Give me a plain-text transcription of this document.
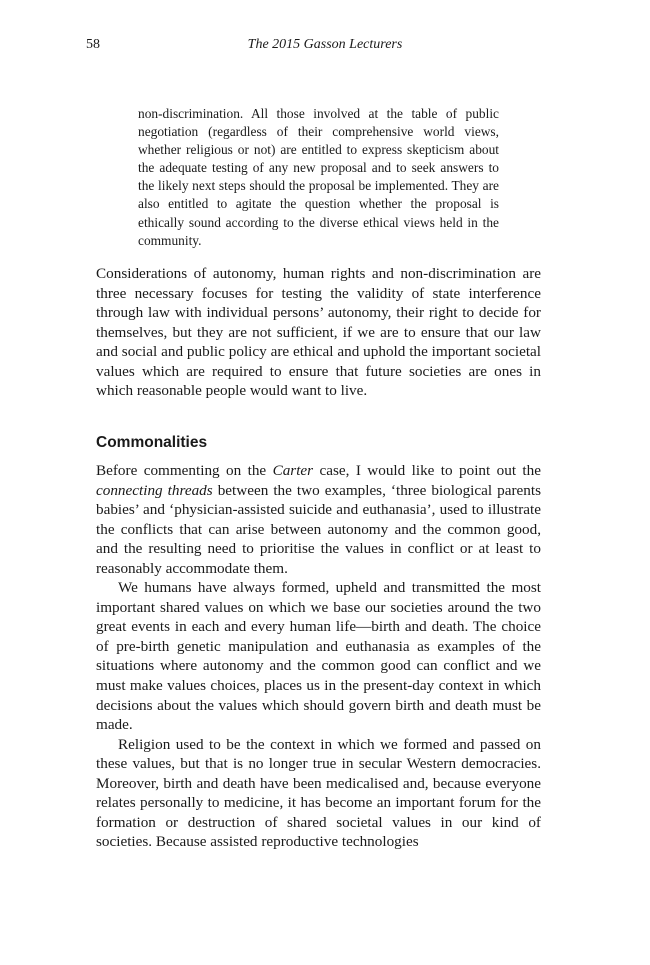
58	The 2015 Gasson Lecturers
non-discrimination. All those involved at the table of public negotiation (regardless of their comprehensive world views, whether religious or not) are entitled to express skepticism about the adequate testing of any new proposal and to seek answers to the likely next steps should the proposal be implemented. They are also entitled to agitate the question whether the proposal is ethically sound according to the diverse ethical views held in the community.

Considerations of autonomy, human rights and non-discrimination are three necessary focuses for testing the validity of state interference through law with individual persons’ autonomy, their right to decide for themselves, but they are not sufficient, if we are to ensure that our law and social and public policy are ethical and uphold the important societal values which are required to ensure that future societies are ones in which reasonable people would want to live.

Commonalities

Before commenting on the Carter case, I would like to point out the connecting threads between the two examples, ‘three biological parents babies’ and ‘physician-assisted suicide and euthanasia’, used to illustrate the conflicts that can arise between autonomy and the common good, and the resulting need to prioritise the values in conflict or at least to reasonably accommodate them.

We humans have always formed, upheld and transmitted the most important shared values on which we base our societies around the two great events in each and every human life—birth and death. The choice of pre-birth genetic manipulation and euthanasia as examples of the situations where autonomy and the common good can conflict and we must make values choices, places us in the present-day context in which decisions about the values which should govern birth and death must be made.

Religion used to be the context in which we formed and passed on these values, but that is no longer true in secular Western democracies. Moreover, birth and death have been medicalised and, because everyone relates personally to medicine, it has become an important forum for the formation or destruction of shared societal values in our kind of societies. Because assisted reproductive technologies
